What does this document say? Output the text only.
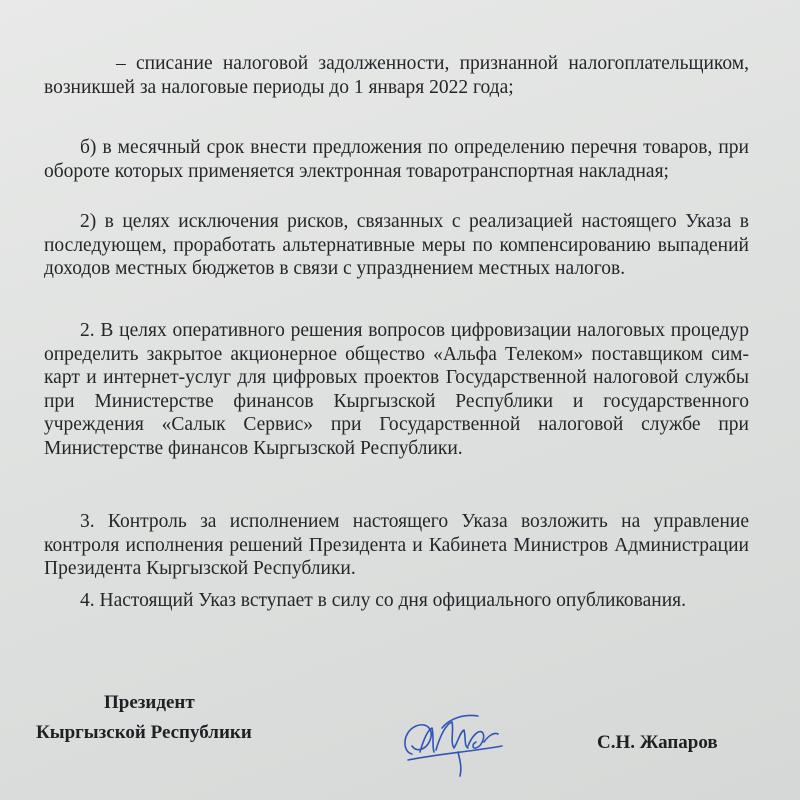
– списание налоговой задолженности, признанной налогоплательщиком, возникшей за налоговые периоды до 1 января 2022 года;

б) в месячный срок внести предложения по определению перечня товаров, при обороте которых применяется электронная товаротранспортная накладная;

2) в целях исключения рисков, связанных с реализацией настоящего Указа в последующем, проработать альтернативные меры по компенсированию выпадений доходов местных бюджетов в связи с упразднением местных налогов.

2. В целях оперативного решения вопросов цифровизации налоговых процедур определить закрытое акционерное общество «Альфа Телеком» поставщиком сим-карт и интернет-услуг для цифровых проектов Государственной налоговой службы при Министерстве финансов Кыргызской Республики и государственного учреждения «Салык Сервис» при Государственной налоговой службе при Министерстве финансов Кыргызской Республики.

3. Контроль за исполнением настоящего Указа возложить на управление контроля исполнения решений Президента и Кабинета Министров Администрации Президента Кыргызской Республики.

4. Настоящий Указ вступает в силу со дня официального опубликования.

Президент
Кыргызской Республики	С.Н. Жапаров
